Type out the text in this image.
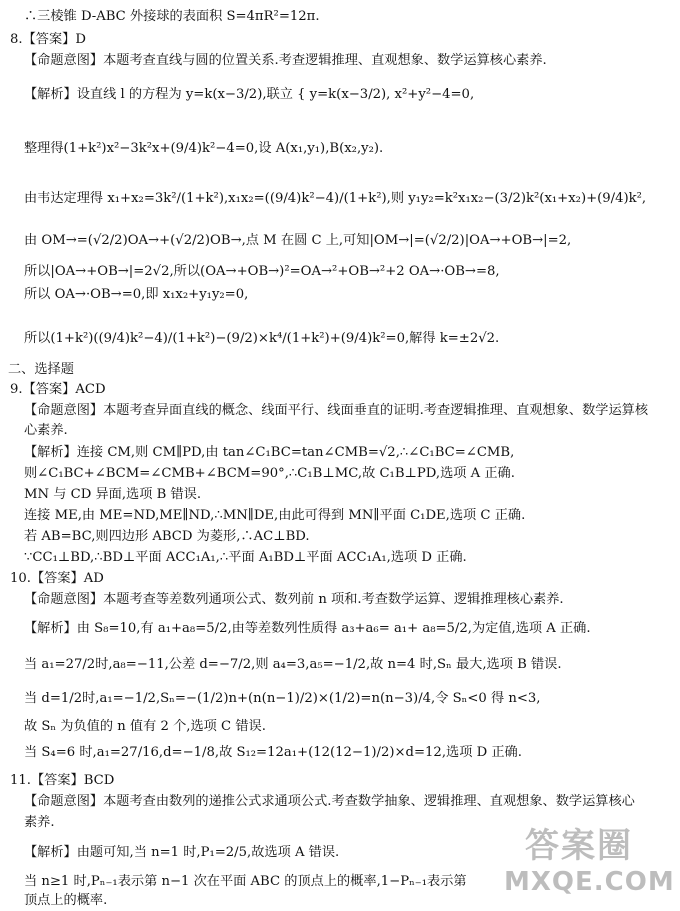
∴三棱锥 D-ABC 外接球的表面积 S=4πR²=12π.
8.【答案】D
【命题意图】本题考查直线与圆的位置关系.考查逻辑推理、直观想象、数学运算核心素养.
【解析】设直线 l 的方程为 y=k(x−3/2),联立 { y=k(x−3/2), x²+y²−4=0,
整理得(1+k²)x²−3k²x+(9/4)k²−4=0,设 A(x₁,y₁),B(x₂,y₂).
由韦达定理得 x₁+x₂=3k²/(1+k²),x₁x₂=((9/4)k²−4)/(1+k²),则 y₁y₂=k²x₁x₂−(3/2)k²(x₁+x₂)+(9/4)k²,
由 OM→=(√2/2)OA→+(√2/2)OB→,点 M 在圆 C 上,可知|OM→|=(√2/2)|OA→+OB→|=2,
所以|OA→+OB→|=2√2,所以(OA→+OB→)²=OA→²+OB→²+2 OA→·OB→=8,
所以 OA→·OB→=0,即 x₁x₂+y₁y₂=0,
所以(1+k²)((9/4)k²−4)/(1+k²)−(9/2)×k⁴/(1+k²)+(9/4)k²=0,解得 k=±2√2.
二、选择题
9.【答案】ACD
【命题意图】本题考查异面直线的概念、线面平行、线面垂直的证明.考查逻辑推理、直观想象、数学运算核
心素养.
【解析】连接 CM,则 CM∥PD,由 tan∠C₁BC=tan∠CMB=√2,∴∠C₁BC=∠CMB,
则∠C₁BC+∠BCM=∠CMB+∠BCM=90°,∴C₁B⊥MC,故 C₁B⊥PD,选项 A 正确.
MN 与 CD 异面,选项 B 错误.
连接 ME,由 ME=ND,ME∥ND,∴MN∥DE,由此可得到 MN∥平面 C₁DE,选项 C 正确.
若 AB=BC,则四边形 ABCD 为菱形,∴AC⊥BD.
∵CC₁⊥BD,∴BD⊥平面 ACC₁A₁,∴平面 A₁BD⊥平面 ACC₁A₁,选项 D 正确.
10.【答案】AD
【命题意图】本题考查等差数列通项公式、数列前 n 项和.考查数学运算、逻辑推理核心素养.
【解析】由 S₈=10,有 a₁+a₈=5/2,由等差数列性质得 a₃+a₆= a₁+ a₈=5/2,为定值,选项 A 正确.
当 a₁=27/2时,a₈=−11,公差 d=−7/2,则 a₄=3,a₅=−1/2,故 n=4 时,Sₙ 最大,选项 B 错误.
当 d=1/2时,a₁=−1/2,Sₙ=−(1/2)n+(n(n−1)/2)×(1/2)=n(n−3)/4,令 Sₙ<0 得 n<3,
故 Sₙ 为负值的 n 值有 2 个,选项 C 错误.
当 S₄=6 时,a₁=27/16,d=−1/8,故 S₁₂=12a₁+(12(12−1)/2)×d=12,选项 D 正确.
11.【答案】BCD
【命题意图】本题考查由数列的递推公式求通项公式.考查数学抽象、逻辑推理、直观想象、数学运算核心
素养.
【解析】由题可知,当 n=1 时,P₁=2/5,故选项 A 错误.
当 n≥1 时,Pₙ₋₁表示第 n−1 次在平面 ABC 的顶点上的概率,1−Pₙ₋₁表示第
顶点上的概率.
答案圈
MXQE.COM
